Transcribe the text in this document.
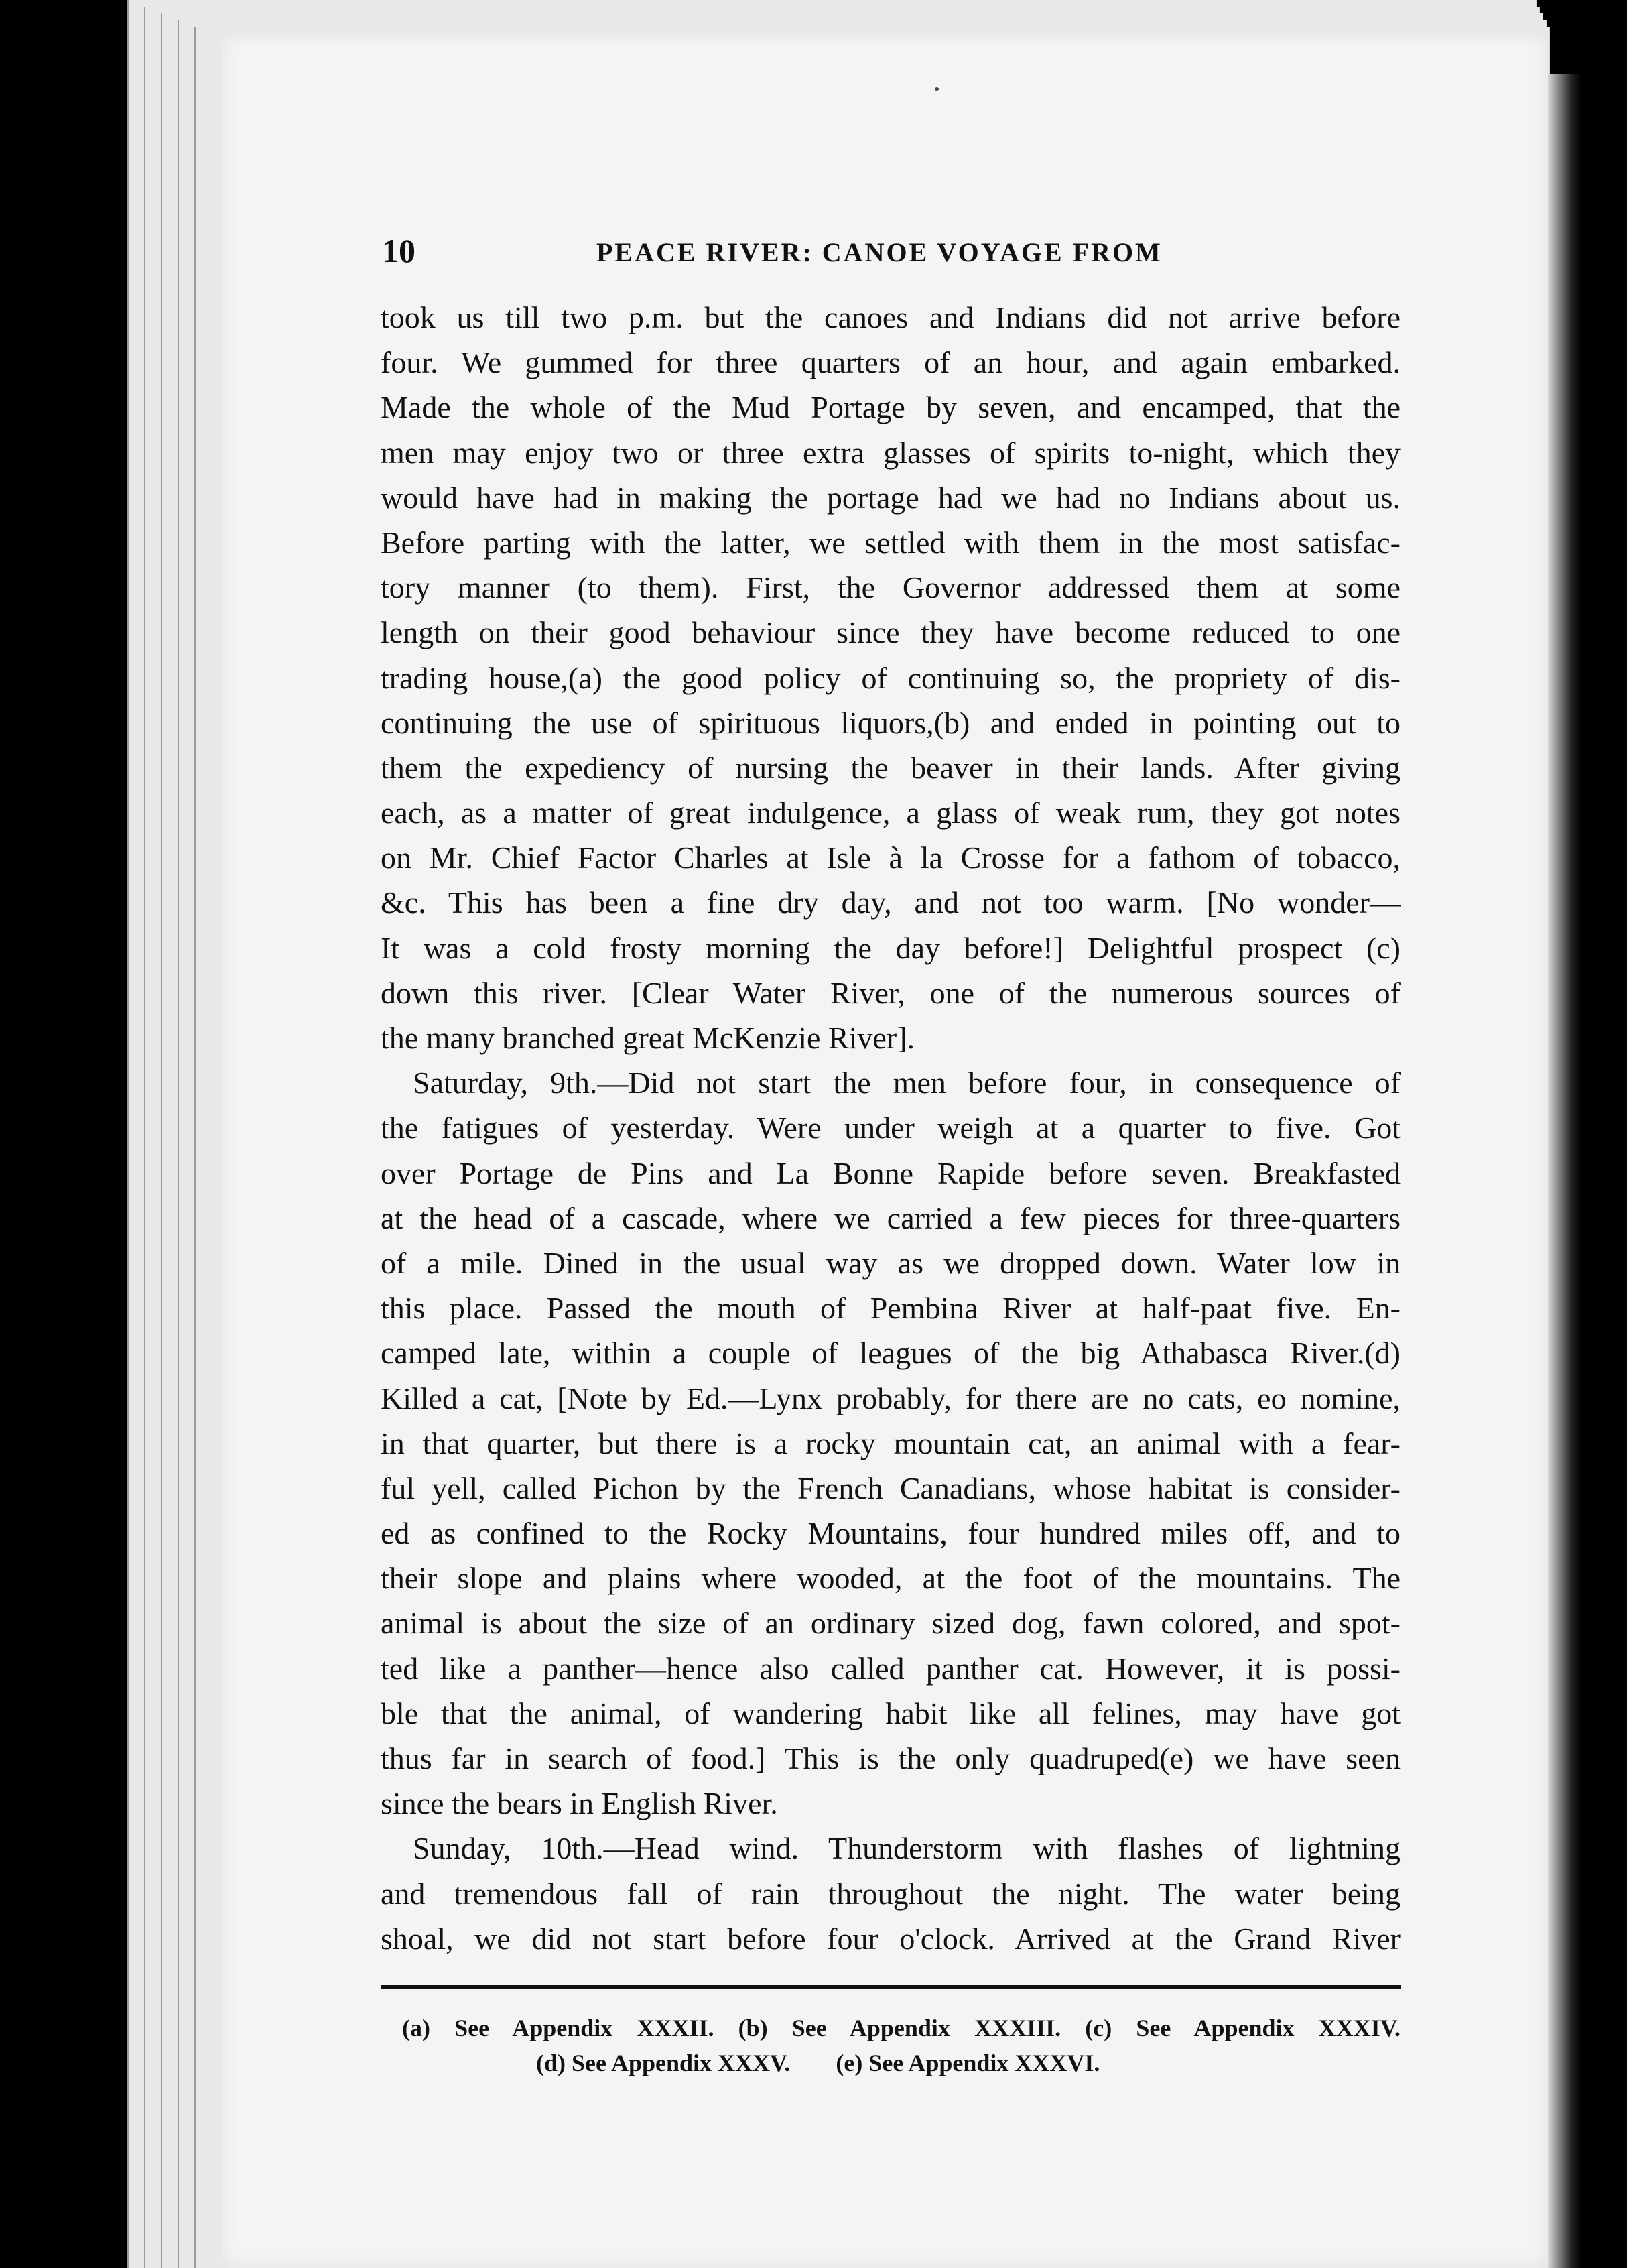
10	PEACE RIVER: CANOE VOYAGE FROM
took us till two p.m. but the canoes and Indians did not arrive before
four. We gummed for three quarters of an hour, and again embarked.
Made the whole of the Mud Portage by seven, and encamped, that the
men may enjoy two or three extra glasses of spirits to-night, which they
would have had in making the portage had we had no Indians about us.
Before parting with the latter, we settled with them in the most satisfac-
tory manner (to them). First, the Governor addressed them at some
length on their good behaviour since they have become reduced to one
trading house,(a) the good policy of continuing so, the propriety of dis-
continuing the use of spirituous liquors,(b) and ended in pointing out to
them the expediency of nursing the beaver in their lands. After giving
each, as a matter of great indulgence, a glass of weak rum, they got notes
on Mr. Chief Factor Charles at Isle à la Crosse for a fathom of tobacco,
&c. This has been a fine dry day, and not too warm. [No wonder—
It was a cold frosty morning the day before!] Delightful prospect (c)
down this river. [Clear Water River, one of the numerous sources of
the many branched great McKenzie River].
Saturday, 9th.—Did not start the men before four, in consequence of
the fatigues of yesterday. Were under weigh at a quarter to five. Got
over Portage de Pins and La Bonne Rapide before seven. Breakfasted
at the head of a cascade, where we carried a few pieces for three-quarters
of a mile. Dined in the usual way as we dropped down. Water low in
this place. Passed the mouth of Pembina River at half-paat five. En-
camped late, within a couple of leagues of the big Athabasca River.(d)
Killed a cat, [Note by Ed.—Lynx probably, for there are no cats, eo nomine,
in that quarter, but there is a rocky mountain cat, an animal with a fear-
ful yell, called Pichon by the French Canadians, whose habitat is consider-
ed as confined to the Rocky Mountains, four hundred miles off, and to
their slope and plains where wooded, at the foot of the mountains. The
animal is about the size of an ordinary sized dog, fawn colored, and spot-
ted like a panther—hence also called panther cat. However, it is possi-
ble that the animal, of wandering habit like all felines, may have got
thus far in search of food.] This is the only quadruped(e) we have seen
since the bears in English River.
Sunday, 10th.—Head wind. Thunderstorm with flashes of lightning
and tremendous fall of rain throughout the night. The water being
shoal, we did not start before four o'clock. Arrived at the Grand River
(a) See Appendix XXXII. (b) See Appendix XXXIII. (c) See Appendix XXXIV.
(d) See Appendix XXXV. (e) See Appendix XXXVI.
